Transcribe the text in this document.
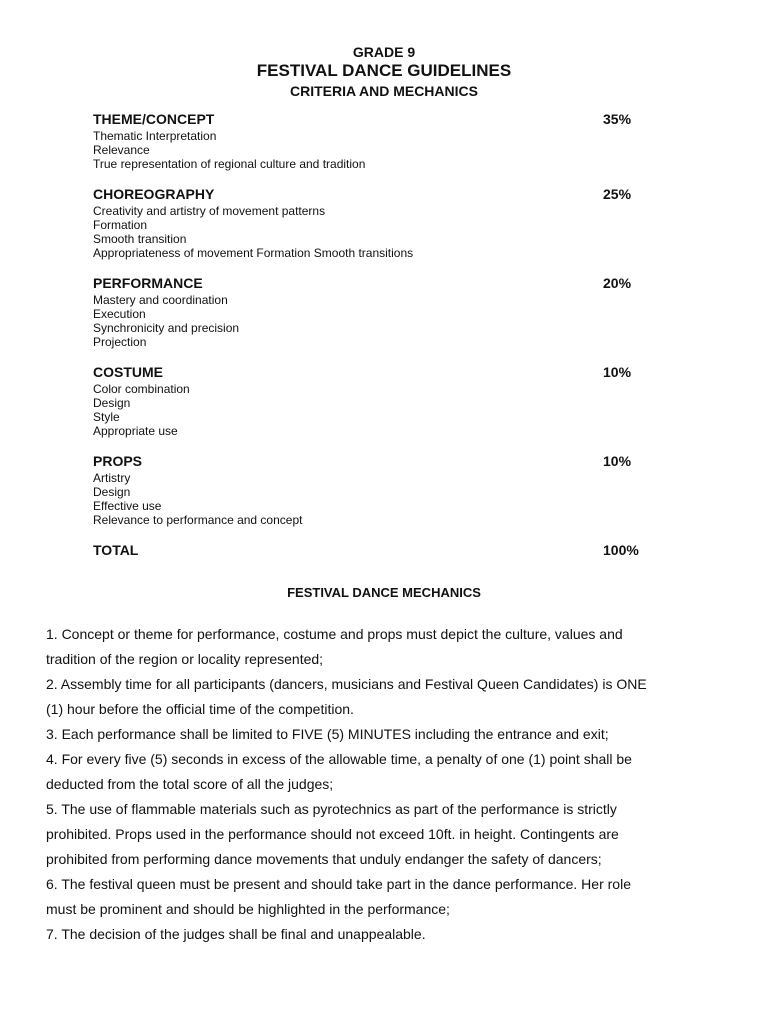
GRADE 9
FESTIVAL DANCE GUIDELINES
CRITERIA AND MECHANICS
THEME/CONCEPT	35%
Thematic Interpretation
Relevance
True representation of regional culture and tradition
CHOREOGRAPHY	25%
Creativity and artistry of movement patterns
Formation
Smooth transition
Appropriateness of movement Formation Smooth transitions
PERFORMANCE	20%
Mastery and coordination
Execution
Synchronicity and precision
Projection
COSTUME	10%
Color combination
Design
Style
Appropriate use
PROPS	10%
Artistry
Design
Effective use
Relevance to performance and concept
TOTAL	100%
FESTIVAL DANCE MECHANICS
1. Concept or theme for performance, costume and props must depict the culture, values and
tradition of the region or locality represented;
2. Assembly time for all participants (dancers, musicians and Festival Queen Candidates) is ONE
(1) hour before the official time of the competition.
3. Each performance shall be limited to FIVE (5) MINUTES including the entrance and exit;
4. For every five (5) seconds in excess of the allowable time, a penalty of one (1) point shall be
deducted from the total score of all the judges;
5. The use of flammable materials such as pyrotechnics as part of the performance is strictly
prohibited. Props used in the performance should not exceed 10ft. in height. Contingents are
prohibited from performing dance movements that unduly endanger the safety of dancers;
6. The festival queen must be present and should take part in the dance performance. Her role
must be prominent and should be highlighted in the performance;
7. The decision of the judges shall be final and unappealable.
